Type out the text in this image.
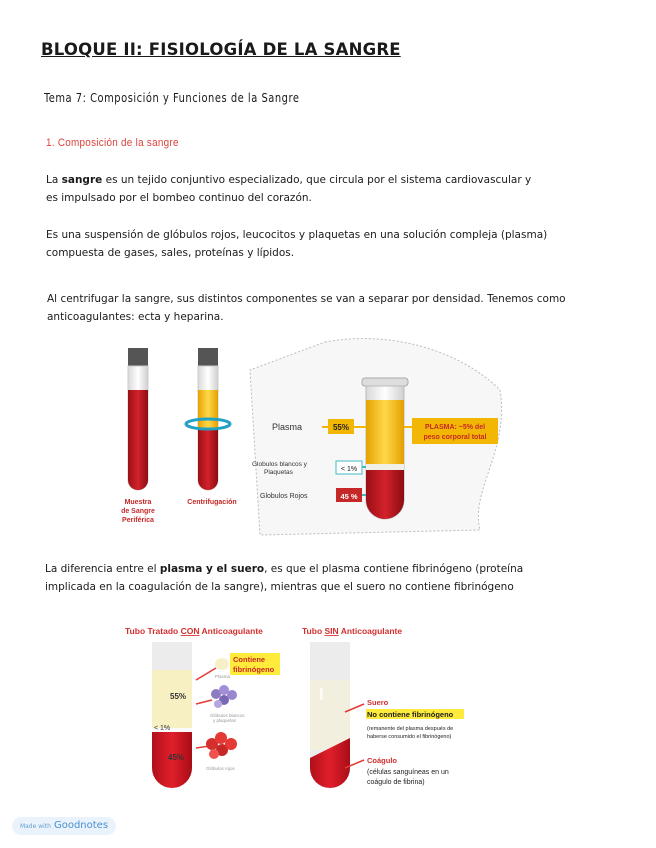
BLOQUE II: FISIOLOGÍA DE LA SANGRE
Tema 7: Composición y Funciones de la Sangre
1. Composición de la sangre
La sangre es un tejido conjuntivo especializado, que circula por el sistema cardiovascular y
es impulsado por el bombeo continuo del corazón.
Es una suspensión de glóbulos rojos, leucocitos y plaquetas en una solución compleja (plasma)
compuesta de gases, sales, proteínas y lípidos.
Al centrifugar la sangre, sus distintos componentes se van a separar por densidad. Tenemos como
anticoagulantes: ecta y heparina.
Muestra
de Sangre
Periférica
Centrifugación
Plasma	55%	PLASMA: ~5% del
peso corporal total
Globulos blancos y
Plaquetas	< 1%
Globulos Rojos	45 %
La diferencia entre el plasma y el suero, es que el plasma contiene fibrinógeno (proteína
implicada en la coagulación de la sangre), mientras que el suero no contiene fibrinógeno
Tubo Tratado CON Anticoagulante	Tubo SIN Anticoagulante
55%
< 1%
45%
Plasma
Contiene
fibrinógeno
Glóbulos blancos
y plaquetas
Glóbulos rojos
Suero
No contiene fibrinógeno
(remanente del plasma después de
haberse consumido el fibrinógeno)
Coágulo
(células sanguíneas en un
coágulo de fibrina)
Made with Goodnotes
